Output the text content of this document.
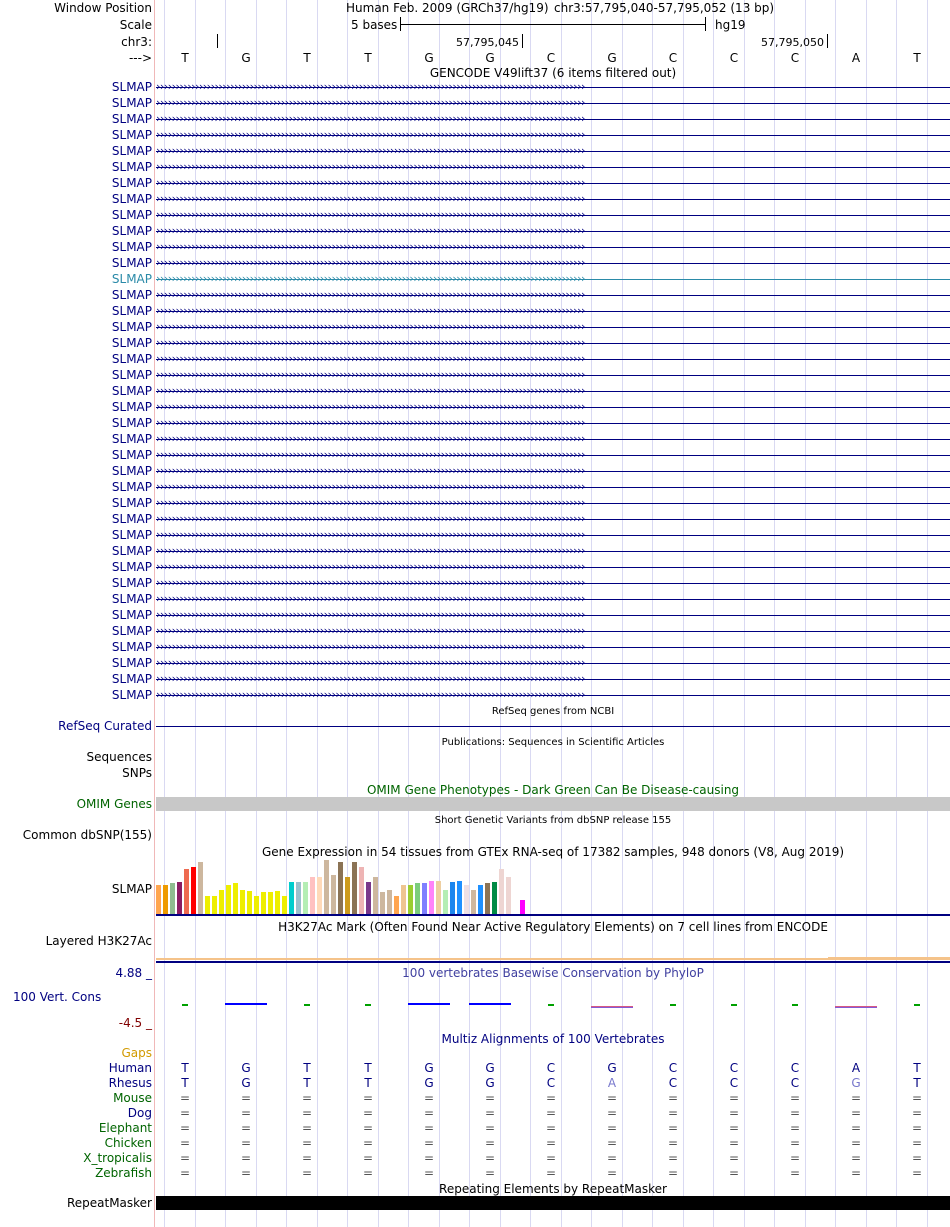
Window Position	Human Feb. 2009 (GRCh37/hg19) chr3:57,795,040-57,795,052 (13 bp)
Scale	5 bases	hg19
chr3:	57,795,045	57,795,050
---> T	G	T	T	G	G	C	G	C	C	C	A	T
GENCODE V49lift37 (6 items filtered out)
SLMAP ››››››››››››››››››››››››››››››››››››››››››››››››››››››››››››››››››››››››››››››››››››››››››››››››››››››››››››››
SLMAP ››››››››››››››››››››››››››››››››››››››››››››››››››››››››››››››››››››››››››››››››››››››››››››››››››››››››››››››
SLMAP ››››››››››››››››››››››››››››››››››››››››››››››››››››››››››››››››››››››››››››››››››››››››››››››››››››››››››››››
SLMAP ››››››››››››››››››››››››››››››››››››››››››››››››››››››››››››››››››››››››››››››››››››››››››››››››››››››››››››››
SLMAP ››››››››››››››››››››››››››››››››››››››››››››››››››››››››››››››››››››››››››››››››››››››››››››››››››››››››››››››
SLMAP ››››››››››››››››››››››››››››››››››››››››››››››››››››››››››››››››››››››››››››››››››››››››››››››››››››››››››››››
SLMAP ››››››››››››››››››››››››››››››››››››››››››››››››››››››››››››››››››››››››››››››››››››››››››››››››››››››››››››››
SLMAP ››››››››››››››››››››››››››››››››››››››››››››››››››››››››››››››››››››››››››››››››››››››››››››››››››››››››››››››
SLMAP ››››››››››››››››››››››››››››››››››››››››››››››››››››››››››››››››››››››››››››››››››››››››››››››››››››››››››››››
SLMAP ››››››››››››››››››››››››››››››››››››››››››››››››››››››››››››››››››››››››››››››››››››››››››››››››››››››››››››››
SLMAP ››››››››››››››››››››››››››››››››››››››››››››››››››››››››››››››››››››››››››››››››››››››››››››››››››››››››››››››
SLMAP ››››››››››››››››››››››››››››››››››››››››››››››››››››››››››››››››››››››››››››››››››››››››››››››››››››››››››››››
SLMAP ››››››››››››››››››››››››››››››››››››››››››››››››››››››››››››››››››››››››››››››››››››››››››››››››››››››››››››››
SLMAP ››››››››››››››››››››››››››››››››››››››››››››››››››››››››››››››››››››››››››››››››››››››››››››››››››››››››››››››
SLMAP ››››››››››››››››››››››››››››››››››››››››››››››››››››››››››››››››››››››››››››››››››››››››››››››››››››››››››››››
SLMAP ››››››››››››››››››››››››››››››››››››››››››››››››››››››››››››››››››››››››››››››››››››››››››››››››››››››››››››››
SLMAP ››››››››››››››››››››››››››››››››››››››››››››››››››››››››››››››››››››››››››››››››››››››››››››››››››››››››››››››
SLMAP ››››››››››››››››››››››››››››››››››››››››››››››››››››››››››››››››››››››››››››››››››››››››››››››››››››››››››››››
SLMAP ››››››››››››››››››››››››››››››››››››››››››››››››››››››››››››››››››››››››››››››››››››››››››››››››››››››››››››››
SLMAP ››››››››››››››››››››››››››››››››››››››››››››››››››››››››››››››››››››››››››››››››››››››››››››››››››››››››››››››
SLMAP ››››››››››››››››››››››››››››››››››››››››››››››››››››››››››››››››››››››››››››››››››››››››››››››››››››››››››››››
SLMAP ››››››››››››››››››››››››››››››››››››››››››››››››››››››››››››››››››››››››››››››››››››››››››››››››››››››››››››››
SLMAP ››››››››››››››››››››››››››››››››››››››››››››››››››››››››››››››››››››››››››››››››››››››››››››››››››››››››››››››
SLMAP ››››››››››››››››››››››››››››››››››››››››››››››››››››››››››››››››››››››››››››››››››››››››››››››››››››››››››››››
SLMAP ››››››››››››››››››››››››››››››››››››››››››››››››››››››››››››››››››››››››››››››››››››››››››››››››››››››››››››››
SLMAP ››››››››››››››››››››››››››››››››››››››››››››››››››››››››››››››››››››››››››››››››››››››››››››››››››››››››››››››
SLMAP ››››››››››››››››››››››››››››››››››››››››››››››››››››››››››››››››››››››››››››››››››››››››››››››››››››››››››››››
SLMAP ››››››››››››››››››››››››››››››››››››››››››››››››››››››››››››››››››››››››››››››››››››››››››››››››››››››››››››››
SLMAP ››››››››››››››››››››››››››››››››››››››››››››››››››››››››››››››››››››››››››››››››››››››››››››››››››››››››››››››
SLMAP ››››››››››››››››››››››››››››››››››››››››››››››››››››››››››››››››››››››››››››››››››››››››››››››››››››››››››››››
SLMAP ››››››››››››››››››››››››››››››››››››››››››››››››››››››››››››››››››››››››››››››››››››››››››››››››››››››››››››››
SLMAP ››››››››››››››››››››››››››››››››››››››››››››››››››››››››››››››››››››››››››››››››››››››››››››››››››››››››››››››
SLMAP ››››››››››››››››››››››››››››››››››››››››››››››››››››››››››››››››››››››››››››››››››››››››››››››››››››››››››››››
SLMAP ››››››››››››››››››››››››››››››››››››››››››››››››››››››››››››››››››››››››››››››››››››››››››››››››››››››››››››››
SLMAP ››››››››››››››››››››››››››››››››››››››››››››››››››››››››››››››››››››››››››››››››››››››››››››››››››››››››››››››
SLMAP ››››››››››››››››››››››››››››››››››››››››››››››››››››››››››››››››››››››››››››››››››››››››››››››››››››››››››››››
SLMAP ››››››››››››››››››››››››››››››››››››››››››››››››››››››››››››››››››››››››››››››››››››››››››››››››››››››››››››››
SLMAP ››››››››››››››››››››››››››››››››››››››››››››››››››››››››››››››››››››››››››››››››››››››››››››››››››››››››››››››
SLMAP ››››››››››››››››››››››››››››››››››››››››››››››››››››››››››››››››››››››››››››››››››››››››››››››››››››››››››››››
RefSeq genes from NCBI
RefSeq Curated
Publications: Sequences in Scientific Articles
Sequences
SNPs
OMIM Gene Phenotypes - Dark Green Can Be Disease-causing
OMIM Genes
Short Genetic Variants from dbSNP release 155
Common dbSNP(155)
Gene Expression in 54 tissues from GTEx RNA-seq of 17382 samples, 948 donors (V8, Aug 2019)
SLMAP
H3K27Ac Mark (Often Found Near Active Regulatory Elements) on 7 cell lines from ENCODE
Layered H3K27Ac
4.88 _	100 vertebrates Basewise Conservation by PhyloP
100 Vert. Cons
-4.5 _
Multiz Alignments of 100 Vertebrates
Gaps
Human T	G	T	T	G	G	C	G	C	C	C	A	T
Rhesus T	G	T	T	G	G	C	A	C	C	C	G	T
Mouse =	=	=	=	=	=	=	=	=	=	=	=	=
Dog =	=	=	=	=	=	=	=	=	=	=	=	=
Elephant =	=	=	=	=	=	=	=	=	=	=	=	=
Chicken =	=	=	=	=	=	=	=	=	=	=	=	=
X_tropicalis =	=	=	=	=	=	=	=	=	=	=	=	=
Zebrafish =	=	=	=	=	=	=	=	=	=	=	=	=
Repeating Elements by RepeatMasker
RepeatMasker
